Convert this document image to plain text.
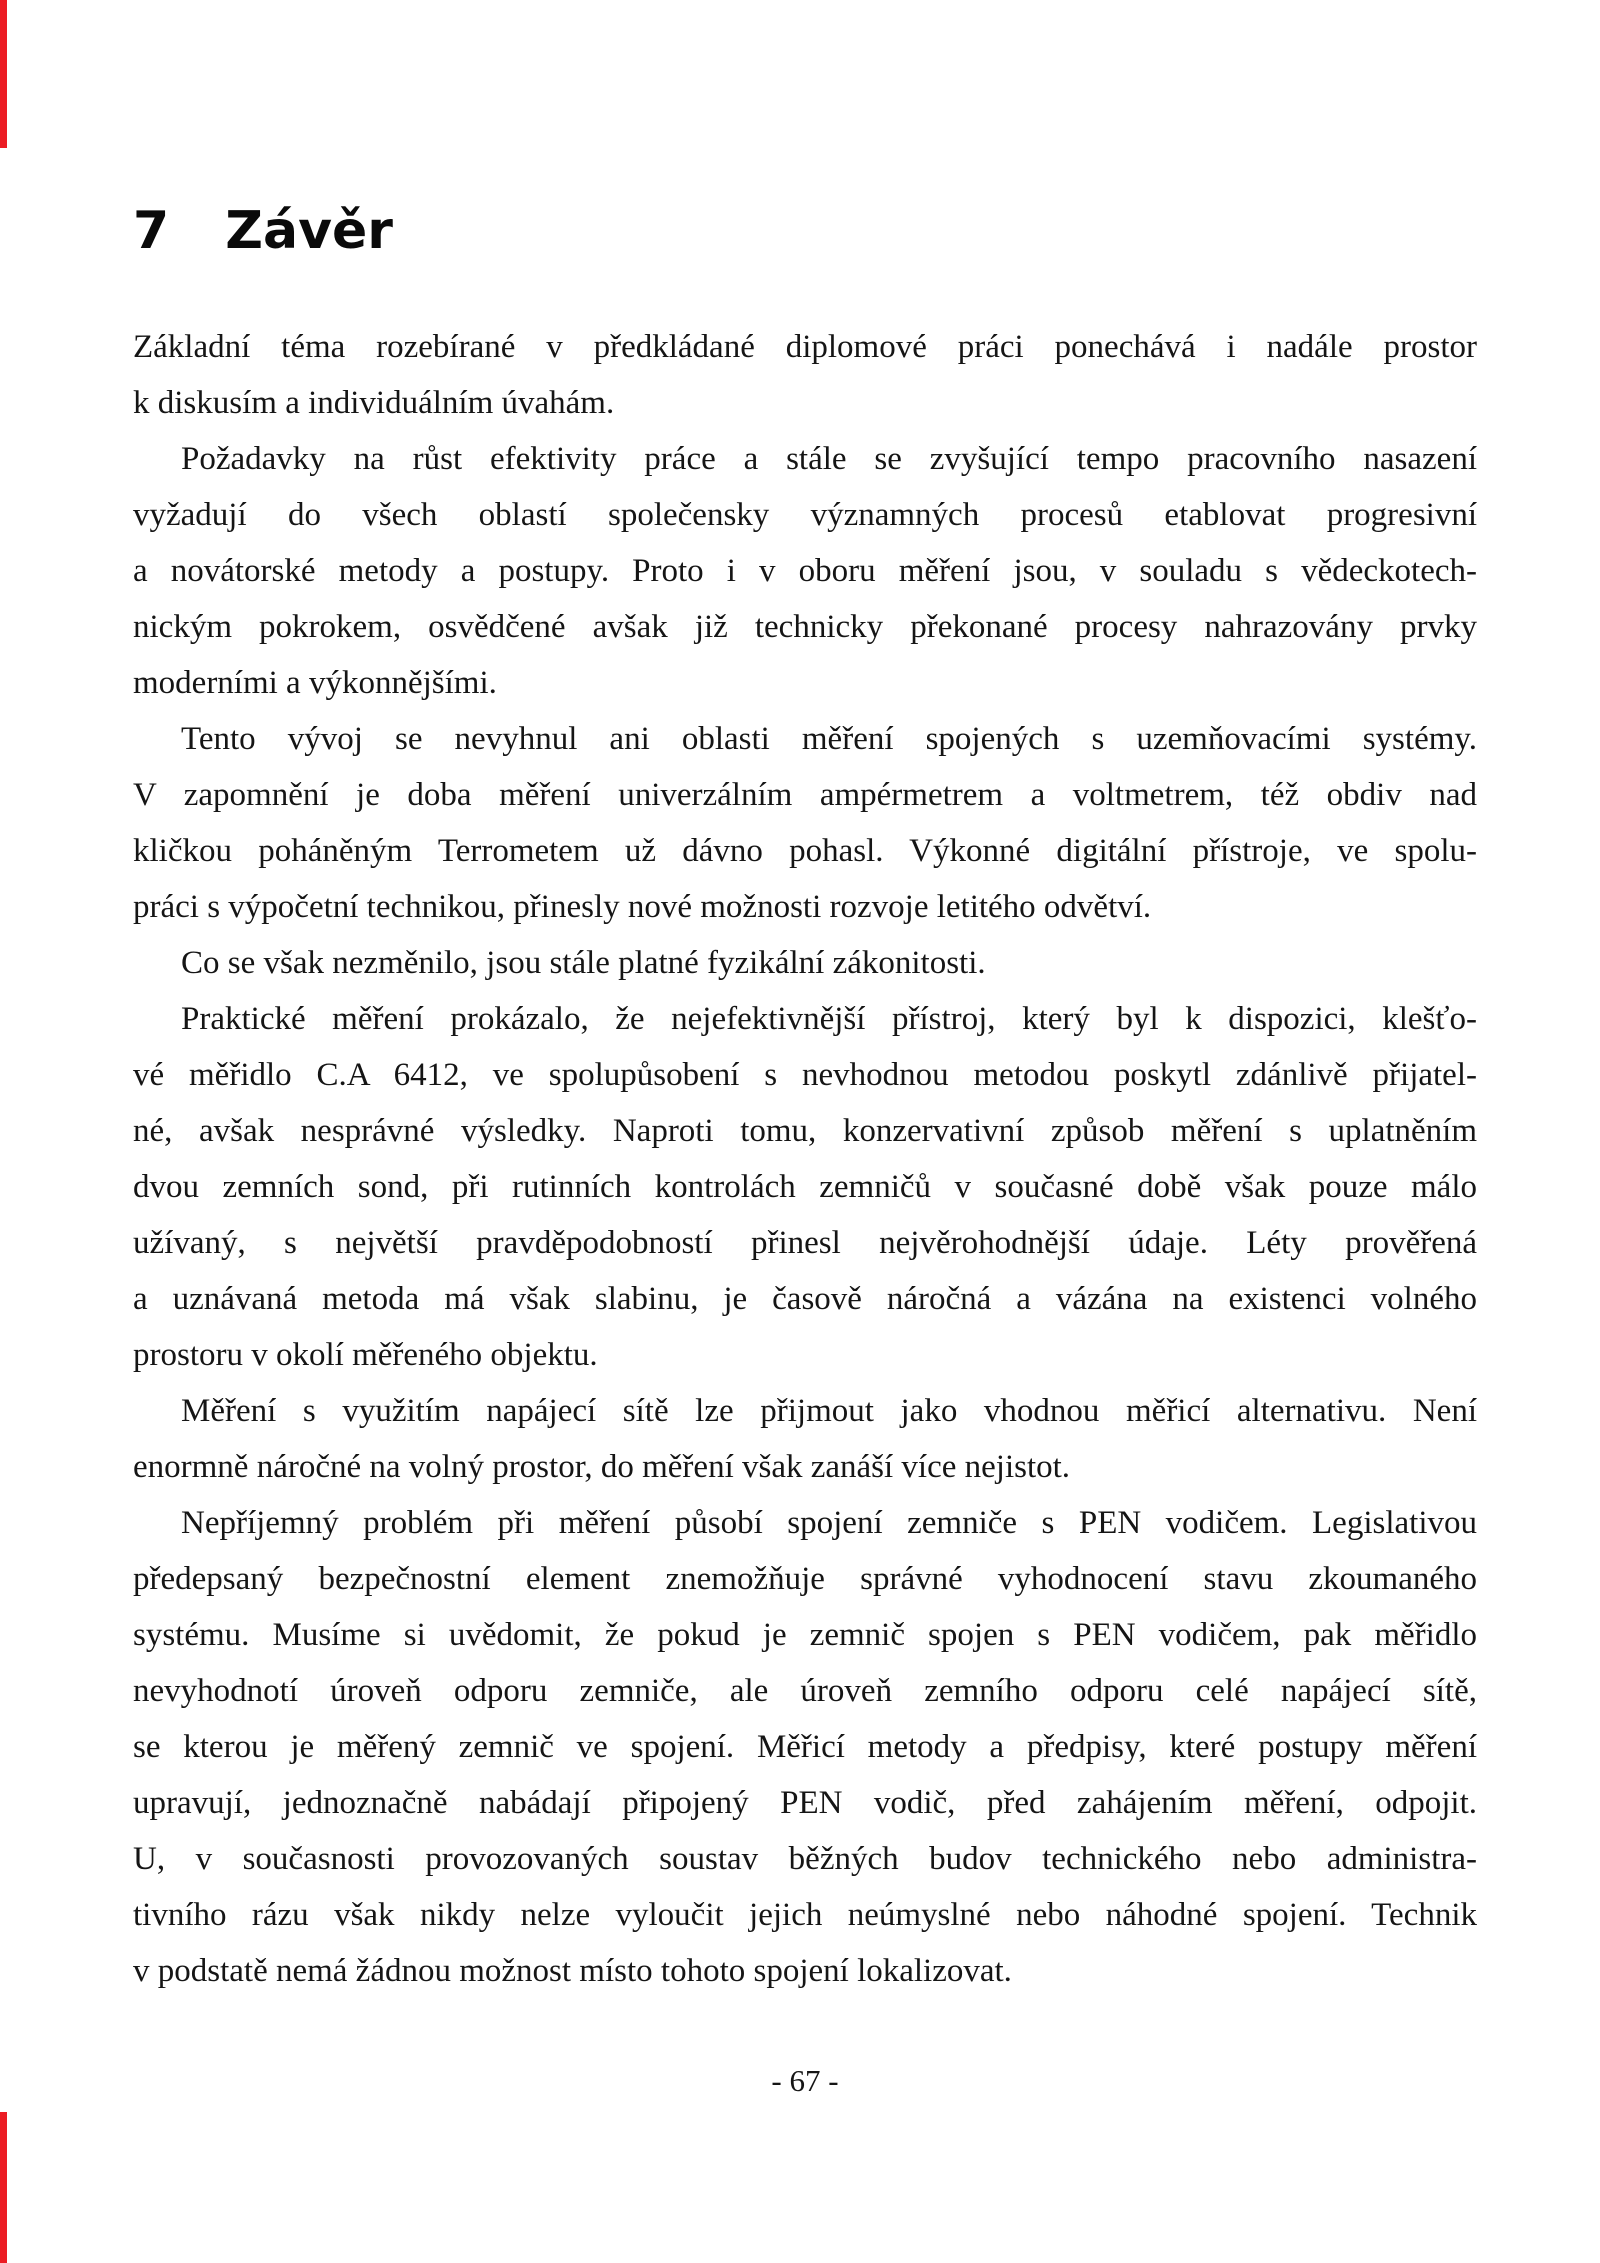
7 Závěr
Základní téma rozebírané v předkládané diplomové práci ponechává i nadále prostor
k diskusím a individuálním úvahám.
Požadavky na růst efektivity práce a stále se zvyšující tempo pracovního nasazení
vyžadují do všech oblastí společensky významných procesů etablovat progresivní
a novátorské metody a postupy. Proto i v oboru měření jsou, v souladu s vědeckotech-
nickým pokrokem, osvědčené avšak již technicky překonané procesy nahrazovány prvky
moderními a výkonnějšími.
Tento vývoj se nevyhnul ani oblasti měření spojených s uzemňovacími systémy.
V zapomnění je doba měření univerzálním ampérmetrem a voltmetrem, též obdiv nad
kličkou poháněným Terrometem už dávno pohasl. Výkonné digitální přístroje, ve spolu-
práci s výpočetní technikou, přinesly nové možnosti rozvoje letitého odvětví.
Co se však nezměnilo, jsou stále platné fyzikální zákonitosti.
Praktické měření prokázalo, že nejefektivnější přístroj, který byl k dispozici, klešťo-
vé měřidlo C.A 6412, ve spolupůsobení s nevhodnou metodou poskytl zdánlivě přijatel-
né, avšak nesprávné výsledky. Naproti tomu, konzervativní způsob měření s uplatněním
dvou zemních sond, při rutinních kontrolách zemničů v současné době však pouze málo
užívaný, s největší pravděpodobností přinesl nejvěrohodnější údaje. Léty prověřená
a uznávaná metoda má však slabinu, je časově náročná a vázána na existenci volného
prostoru v okolí měřeného objektu.
Měření s využitím napájecí sítě lze přijmout jako vhodnou měřicí alternativu. Není
enormně náročné na volný prostor, do měření však zanáší více nejistot.
Nepříjemný problém při měření působí spojení zemniče s PEN vodičem. Legislativou
předepsaný bezpečnostní element znemožňuje správné vyhodnocení stavu zkoumaného
systému. Musíme si uvědomit, že pokud je zemnič spojen s PEN vodičem, pak měřidlo
nevyhodnotí úroveň odporu zemniče, ale úroveň zemního odporu celé napájecí sítě,
se kterou je měřený zemnič ve spojení. Měřicí metody a předpisy, které postupy měření
upravují, jednoznačně nabádají připojený PEN vodič, před zahájením měření, odpojit.
U, v současnosti provozovaných soustav běžných budov technického nebo administra-
tivního rázu však nikdy nelze vyloučit jejich neúmyslné nebo náhodné spojení. Technik
v podstatě nemá žádnou možnost místo tohoto spojení lokalizovat.
- 67 -
